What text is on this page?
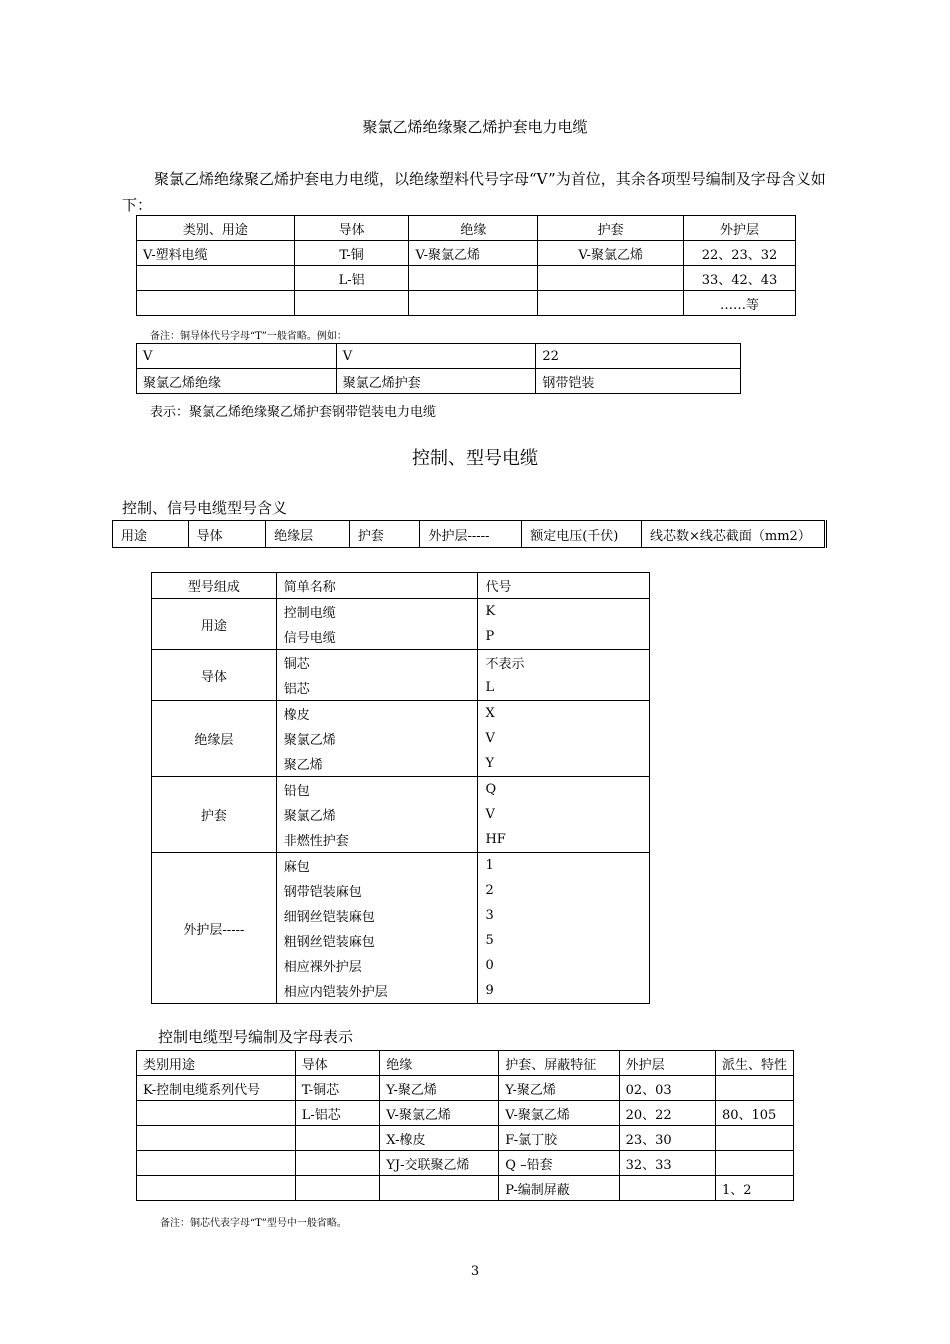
聚氯乙烯绝缘聚乙烯护套电力电缆
聚氯乙烯绝缘聚乙烯护套电力电缆，以绝缘塑料代号字母“V”为首位，其余各项型号编制及字母含义如下：
类别、用途	导体	绝缘	护套	外护层
V-塑料电缆	T-铜	V-聚氯乙烯	V-聚氯乙烯	22、23、32
	L-铝			33、42、43
				……等
备注：铜导体代号字母“T”一般省略。例如：
V	V	22
聚氯乙烯绝缘	聚氯乙烯护套	钢带铠装
表示：聚氯乙烯绝缘聚乙烯护套钢带铠装电力电缆
控制、型号电缆
控制、信号电缆型号含义
用途	导体	绝缘层	护套	外护层-----	额定电压(千伏)	线芯数×线芯截面（mm2）
型号组成	简单名称	代号
用途	控制电缆	K
	信号电缆	P
导体	铜芯	不表示
	铝芯	L
绝缘层	橡皮	X
	聚氯乙烯	V
	聚乙烯	Y
护套	铅包	Q
	聚氯乙烯	V
	非燃性护套	HF
外护层-----	麻包	1
	钢带铠装麻包	2
	细钢丝铠装麻包	3
	粗钢丝铠装麻包	5
	相应裸外护层	0
	相应内铠装外护层	9
控制电缆型号编制及字母表示
类别用途	导体	绝缘	护套、屏蔽特征	外护层	派生、特性
K-控制电缆系列代号	T-铜芯	Y-聚乙烯	Y-聚乙烯	02、03	
	L-铝芯	V-聚氯乙烯	V-聚氯乙烯	20、22	80、105
		X-橡皮	F-氯丁胶	23、30	
		YJ-交联聚乙烯	Q –铅套	32、33	
			P-编制屏蔽		1、2
备注：铜芯代表字母“T”型号中一般省略。
3
